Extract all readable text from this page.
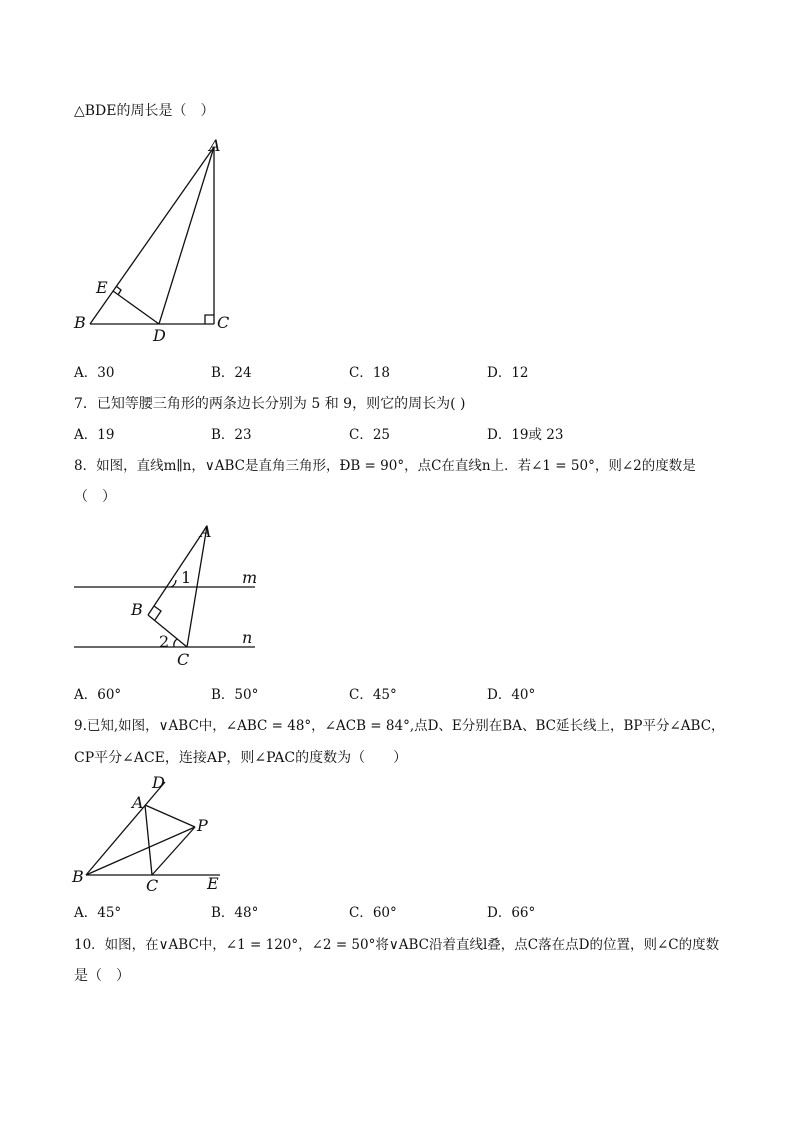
△BDE的周长是（　）
A
B	C
D
E
A．30	B．24	C．18	D．12
7．已知等腰三角形的两条边长分别为 5 和 9，则它的周长为( )
A．19	B．23	C．25	D．19或 23
8．如图，直线m∥n，∨ABC是直角三角形，ÐB = 90°，点C在直线n上．若∠1 = 50°，则∠2的度数是
（　）
A
B
C
m
n
1
2
A．60°	B．50°	C．45°	D．40°
9.已知,如图，∨ABC中，∠ABC = 48°，∠ACB = 84°,点D、E分别在BA、BC延长线上，BP平分∠ABC，
CP平分∠ACE，连接AP，则∠PAC的度数为（　　）
A
B	C
D
E
P
A．45°	B．48°	C．60°	D．66°
10．如图，在∨ABC中，∠1 = 120°，∠2 = 50°将∨ABC沿着直线l叠，点C落在点D的位置，则∠C的度数
是（　）
